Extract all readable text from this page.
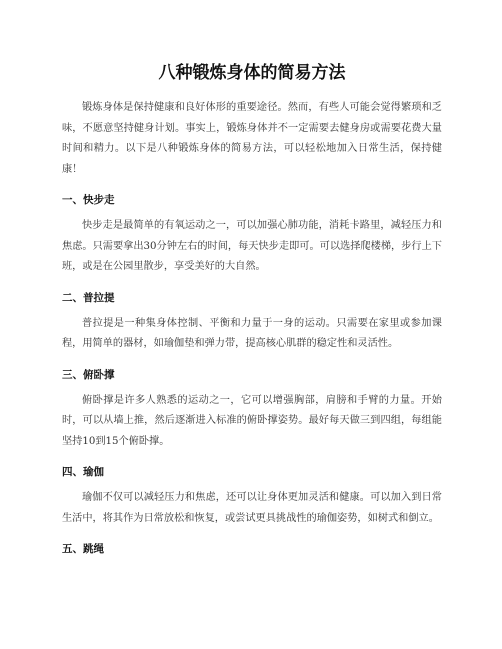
八种锻炼身体的简易方法

锻炼身体是保持健康和良好体形的重要途径。然而，有些人可能会觉得繁琐和乏味，不愿意坚持健身计划。事实上，锻炼身体并不一定需要去健身房或需要花费大量时间和精力。以下是八种锻炼身体的简易方法，可以轻松地加入日常生活，保持健康！

一、快步走

快步走是最简单的有氧运动之一，可以加强心肺功能，消耗卡路里，减轻压力和焦虑。只需要拿出30分钟左右的时间，每天快步走即可。可以选择爬楼梯，步行上下班，或是在公园里散步，享受美好的大自然。

二、普拉提

普拉提是一种集身体控制、平衡和力量于一身的运动。只需要在家里或参加课程，用简单的器材，如瑜伽垫和弹力带，提高核心肌群的稳定性和灵活性。

三、俯卧撑

俯卧撑是许多人熟悉的运动之一，它可以增强胸部，肩膀和手臂的力量。开始时，可以从墙上推，然后逐渐进入标准的俯卧撑姿势。最好每天做三到四组，每组能坚持10到15个俯卧撑。

四、瑜伽

瑜伽不仅可以减轻压力和焦虑，还可以让身体更加灵活和健康。可以加入到日常生活中，将其作为日常放松和恢复，或尝试更具挑战性的瑜伽姿势，如树式和倒立。

五、跳绳
